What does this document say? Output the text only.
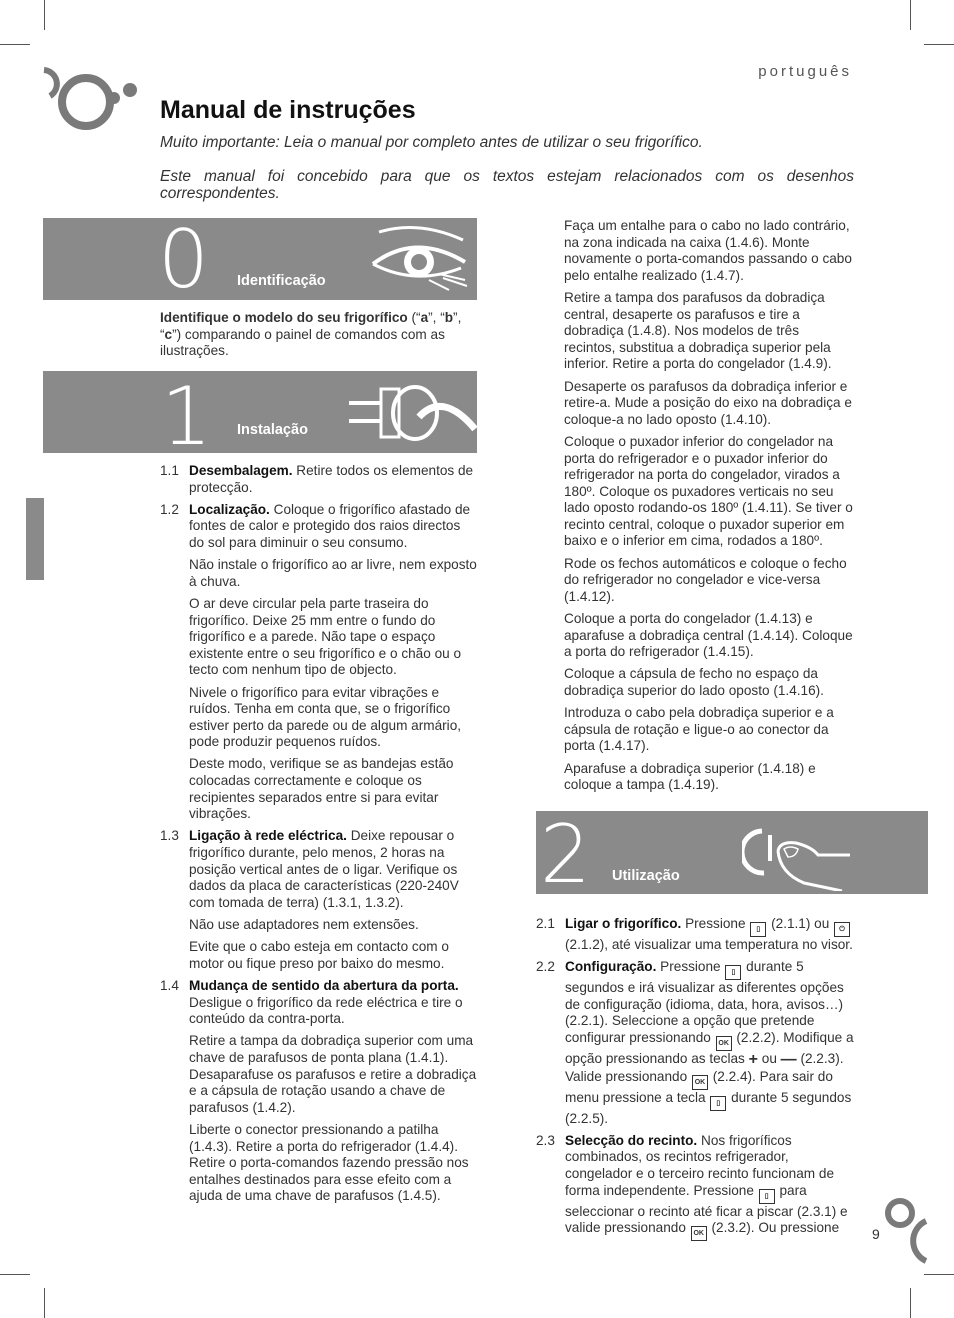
português
Manual de instruções

Muito importante: Leia o manual por completo antes de utilizar o seu frigorífico.

Este manual foi concebido para que os textos estejam relacionados com os desenhos correspondentes.

0 Identificação

Identifique o modelo do seu frigorífico (“a”, “b”, “c”) comparando o painel de comandos com as ilustrações.

1 Instalação
1.1 Desembalagem. Retire todos os elementos de protecção.
1.2 Localização. Coloque o frigorífico afastado de fontes de calor e protegido dos raios directos do sol para diminuir o seu consumo.

Não instale o frigorífico ao ar livre, nem exposto à chuva.

O ar deve circular pela parte traseira do frigorífico. Deixe 25 mm entre o fundo do frigorífico e a parede. Não tape o espaço existente entre o seu frigorífico e o chão ou o tecto com nenhum tipo de objecto.

Nivele o frigorífico para evitar vibrações e ruídos. Tenha em conta que, se o frigorífico estiver perto da parede ou de algum armário, pode produzir pequenos ruídos.

Deste modo, verifique se as bandejas estão colocadas correctamente e coloque os recipientes separados entre si para evitar vibrações.

1.3 Ligação à rede eléctrica. Deixe repousar o frigorífico durante, pelo menos, 2 horas na posição vertical antes de o ligar. Verifique os dados da placa de características (220-240V com tomada de terra) (1.3.1, 1.3.2).

Não use adaptadores nem extensões.

Evite que o cabo esteja em contacto com o motor ou fique preso por baixo do mesmo.

1.4 Mudança de sentido da abertura da porta. Desligue o frigorífico da rede eléctrica e tire o conteúdo da contra-porta.

Retire a tampa da dobradiça superior com uma chave de parafusos de ponta plana (1.4.1). Desaparafuse os parafusos e retire a dobradiça e a cápsula de rotação usando a chave de parafusos (1.4.2).

Liberte o conector pressionando a patilha (1.4.3). Retire a porta do refrigerador (1.4.4). Retire o porta-comandos fazendo pressão nos entalhes destinados para esse efeito com a ajuda de uma chave de parafusos (1.4.5).

Faça um entalhe para o cabo no lado contrário, na zona indicada na caixa (1.4.6). Monte novamente o porta-comandos passando o cabo pelo entalhe realizado (1.4.7).

Retire a tampa dos parafusos da dobradiça central, desaperte os parafusos e tire a dobradiça (1.4.8). Nos modelos de três recintos, substitua a dobradiça superior pela inferior. Retire a porta do congelador (1.4.9).

Desaperte os parafusos da dobradiça inferior e retire-a. Mude a posição do eixo na dobradiça e coloque-a no lado oposto (1.4.10).

Coloque o puxador inferior do congelador na porta do refrigerador e o puxador inferior do refrigerador na porta do congelador, virados a 180º. Coloque os puxadores verticais no seu lado oposto rodando-os 180º (1.4.11). Se tiver o recinto central, coloque o puxador superior em baixo e o inferior em cima, rodados a 180º.

Rode os fechos automáticos e coloque o fecho do refrigerador no congelador e vice-versa (1.4.12).

Coloque a porta do congelador (1.4.13) e aparafuse a dobradiça central (1.4.14). Coloque a porta do refrigerador (1.4.15).

Coloque a cápsula de fecho no espaço da dobradiça superior do lado oposto (1.4.16).

Introduza o cabo pela dobradiça superior e a cápsula de rotação e ligue-o ao conector da porta (1.4.17).

Aparafuse a dobradiça superior (1.4.18) e coloque a tampa (1.4.19).

2 Utilização
2.1 Ligar o frigorífico. Pressione ▯ (2.1.1) ou ⏻ (2.1.2), até visualizar uma temperatura no visor.
2.2 Configuração. Pressione ▯ durante 5 segundos e irá visualizar as diferentes opções de configuração (idioma, data, hora, avisos…) (2.2.1). Seleccione a opção que pretende configurar pressionando OK (2.2.2). Modifique a opção pressionando as teclas + ou — (2.2.3). Valide pressionando OK (2.2.4). Para sair do menu pressione a tecla ▯ durante 5 segundos (2.2.5).
2.3 Selecção do recinto. Nos frigoríficos combinados, os recintos refrigerador, congelador e o terceiro recinto funcionam de forma independente. Pressione ▯ para seleccionar o recinto até ficar a piscar (2.3.1) e valide pressionando OK (2.3.2). Ou pressione	9
